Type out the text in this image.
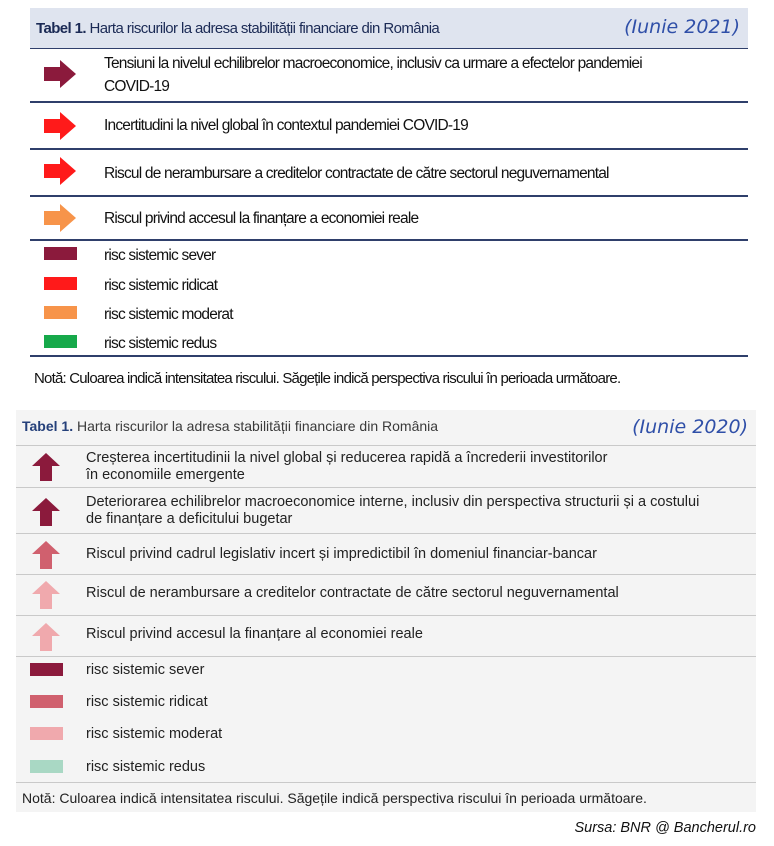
Tabel 1. Harta riscurilor la adresa stabilității financiare din România	(Iunie 2021)
Tensiuni la nivelul echilibrelor macroeconomice, inclusiv ca urmare a efectelor pandemiei
COVID-19
Incertitudini la nivel global în contextul pandemiei COVID-19
Riscul de nerambursare a creditelor contractate de către sectorul neguvernamental
Riscul privind accesul la finanțare a economiei reale
risc sistemic sever
risc sistemic ridicat
risc sistemic moderat
risc sistemic redus
Notă: Culoarea indică intensitatea riscului. Săgețile indică perspectiva riscului în perioada următoare.
Tabel 1. Harta riscurilor la adresa stabilității financiare din România	(Iunie 2020)
Creșterea incertitudinii la nivel global și reducerea rapidă a încrederii investitorilor
în economiile emergente
Deteriorarea echilibrelor macroeconomice interne, inclusiv din perspectiva structurii și a costului
de finanțare a deficitului bugetar
Riscul privind cadrul legislativ incert și impredictibil în domeniul financiar-bancar
Riscul de nerambursare a creditelor contractate de către sectorul neguvernamental
Riscul privind accesul la finanțare al economiei reale
risc sistemic sever
risc sistemic ridicat
risc sistemic moderat
risc sistemic redus
Notă: Culoarea indică intensitatea riscului. Săgețile indică perspectiva riscului în perioada următoare.
Sursa: BNR @ Bancherul.ro
